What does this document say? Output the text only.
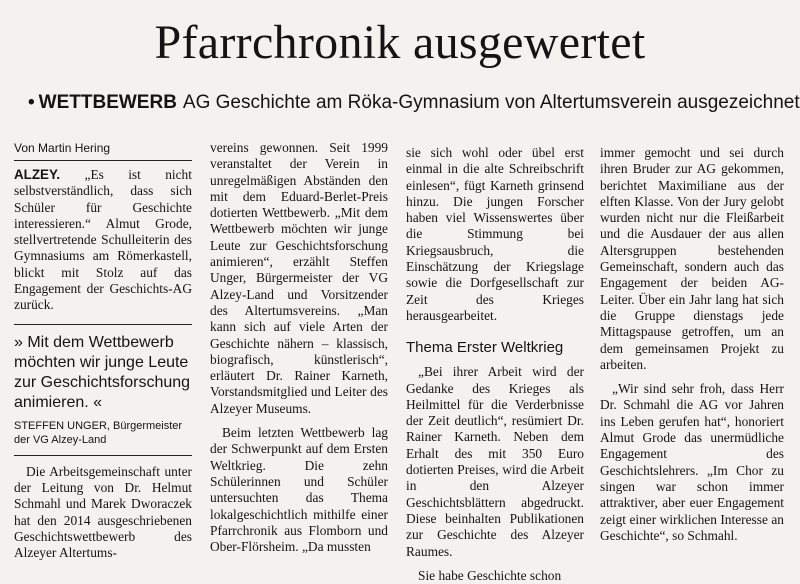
Pfarrchronik ausgewertet
• WETTBEWERB AG Geschichte am Röka-Gymnasium von Altertumsverein ausgezeichnet
Von Martin Hering

ALZEY. „Es ist nicht selbstverständlich, dass sich Schüler für Geschichte interessieren.“ Almut Grode, stellvertretende Schulleiterin des Gymnasiums am Römerkastell, blickt mit Stolz auf das Engagement der Geschichts-AG zurück.

» Mit dem Wettbewerb möchten wir junge Leute zur Geschichtsforschung animieren. «
STEFFEN UNGER, Bürgermeister der VG Alzey-Land

Die Arbeitsgemeinschaft unter der Leitung von Dr. Helmut Schmahl und Marek Dworaczek hat den 2014 ausgeschriebenen Geschichtswettbewerb des Alzeyer Altertums-

vereins gewonnen. Seit 1999 veranstaltet der Verein in unregelmäßigen Abständen den mit dem Eduard-Berlet-Preis dotierten Wettbewerb. „Mit dem Wettbewerb möchten wir junge Leute zur Geschichtsforschung animieren“, erzählt Steffen Unger, Bürgermeister der VG Alzey-Land und Vorsitzender des Altertumsvereins. „Man kann sich auf viele Arten der Geschichte nähern – klassisch, biografisch, künstlerisch“, erläutert Dr. Rainer Karneth, Vorstandsmitglied und Leiter des Alzeyer Museums.

Beim letzten Wettbewerb lag der Schwerpunkt auf dem Ersten Weltkrieg. Die zehn Schülerinnen und Schüler untersuchten das Thema lokalgeschichtlich mithilfe einer Pfarrchronik aus Flomborn und Ober-Flörsheim. „Da mussten

sie sich wohl oder übel erst einmal in die alte Schreibschrift einlesen“, fügt Karneth grinsend hinzu. Die jungen Forscher haben viel Wissenswertes über die Stimmung bei Kriegsausbruch, die Einschätzung der Kriegslage sowie die Dorfgesellschaft zur Zeit des Krieges herausgearbeitet.

Thema Erster Weltkrieg

„Bei ihrer Arbeit wird der Gedanke des Krieges als Heilmittel für die Verderbnisse der Zeit deutlich“, resümiert Dr. Rainer Karneth. Neben dem Erhalt des mit 350 Euro dotierten Preises, wird die Arbeit in den Alzeyer Geschichtsblättern abgedruckt. Diese beinhalten Publikationen zur Geschichte des Alzeyer Raumes.

Sie habe Geschichte schon

immer gemocht und sei durch ihren Bruder zur AG gekommen, berichtet Maximiliane aus der elften Klasse. Von der Jury gelobt wurden nicht nur die Fleißarbeit und die Ausdauer der aus allen Altersgruppen bestehenden Gemeinschaft, sondern auch das Engagement der beiden AG-Leiter. Über ein Jahr lang hat sich die Gruppe dienstags jede Mittagspause getroffen, um an dem gemeinsamen Projekt zu arbeiten.

„Wir sind sehr froh, dass Herr Dr. Schmahl die AG vor Jahren ins Leben gerufen hat“, honoriert Almut Grode das unermüdliche Engagement des Geschichtslehrers. „Im Chor zu singen war schon immer attraktiver, aber euer Engagement zeigt einer wirklichen Interesse an Geschichte“, so Schmahl.
